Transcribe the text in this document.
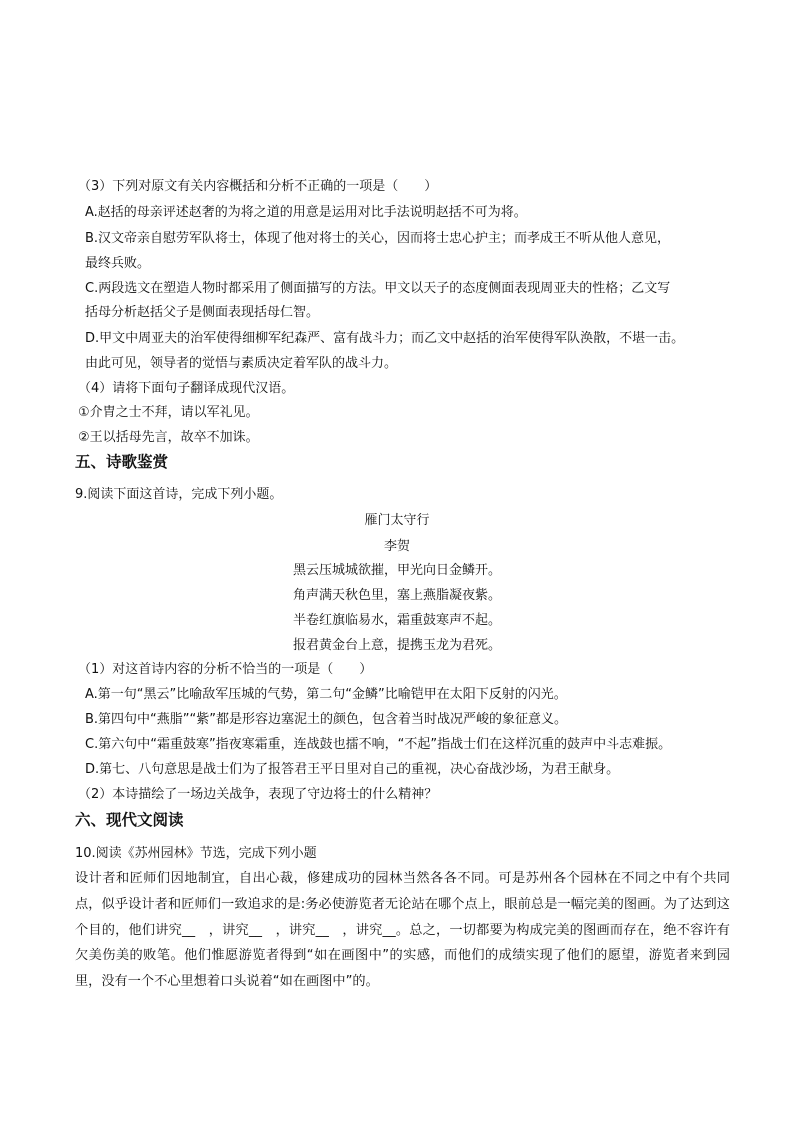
（3）下列对原文有关内容概括和分析不正确的一项是（　　）
A.赵括的母亲评述赵奢的为将之道的用意是运用对比手法说明赵括不可为将。
B.汉文帝亲自慰劳军队将士，体现了他对将士的关心，因而将士忠心护主；而孝成王不听从他人意见，
最终兵败。
C.两段选文在塑造人物时都采用了侧面描写的方法。甲文以天子的态度侧面表现周亚夫的性格；乙文写
括母分析赵括父子是侧面表现括母仁智。
D.甲文中周亚夫的治军使得细柳军纪森严、富有战斗力；而乙文中赵括的治军使得军队涣散，不堪一击。
由此可见，领导者的觉悟与素质决定着军队的战斗力。
（4）请将下面句子翻译成现代汉语。
①介胄之士不拜，请以军礼见。
②王以括母先言，故卒不加诛。
五、诗歌鉴赏
9.阅读下面这首诗，完成下列小题。
雁门太守行
李贺
黑云压城城欲摧，甲光向日金鳞开。
角声满天秋色里，塞上燕脂凝夜紫。
半卷红旗临易水，霜重鼓寒声不起。
报君黄金台上意，提携玉龙为君死。
（1）对这首诗内容的分析不恰当的一项是（　　）
A.第一句“黑云”比喻敌军压城的气势，第二句“金鳞”比喻铠甲在太阳下反射的闪光。
B.第四句中“燕脂”“紫”都是形容边塞泥土的颜色，包含着当时战况严峻的象征意义。
C.第六句中“霜重鼓寒”指夜寒霜重，连战鼓也擂不响，“不起”指战士们在这样沉重的鼓声中斗志难振。
D.第七、八句意思是战士们为了报答君王平日里对自己的重视，决心奋战沙场，为君王献身。
（2）本诗描绘了一场边关战争，表现了守边将士的什么精神？
六、现代文阅读
10.阅读《苏州园林》节选，完成下列小题
设计者和匠师们因地制宜，自出心裁，修建成功的园林当然各各不同。可是苏州各个园林在不同之中有个共同点，似乎设计者和匠师们一致追求的是:务必使游览者无论站在哪个点上，眼前总是一幅完美的图画。为了达到这个目的，他们讲究__　，讲究__　，讲究__　，讲究__。总之，一切都要为构成完美的图画而存在，绝不容许有欠美伤美的败笔。他们惟愿游览者得到“如在画图中”的实感，而他们的成绩实现了他们的愿望，游览者来到园里，没有一个不心里想着口头说着“如在画图中”的。
